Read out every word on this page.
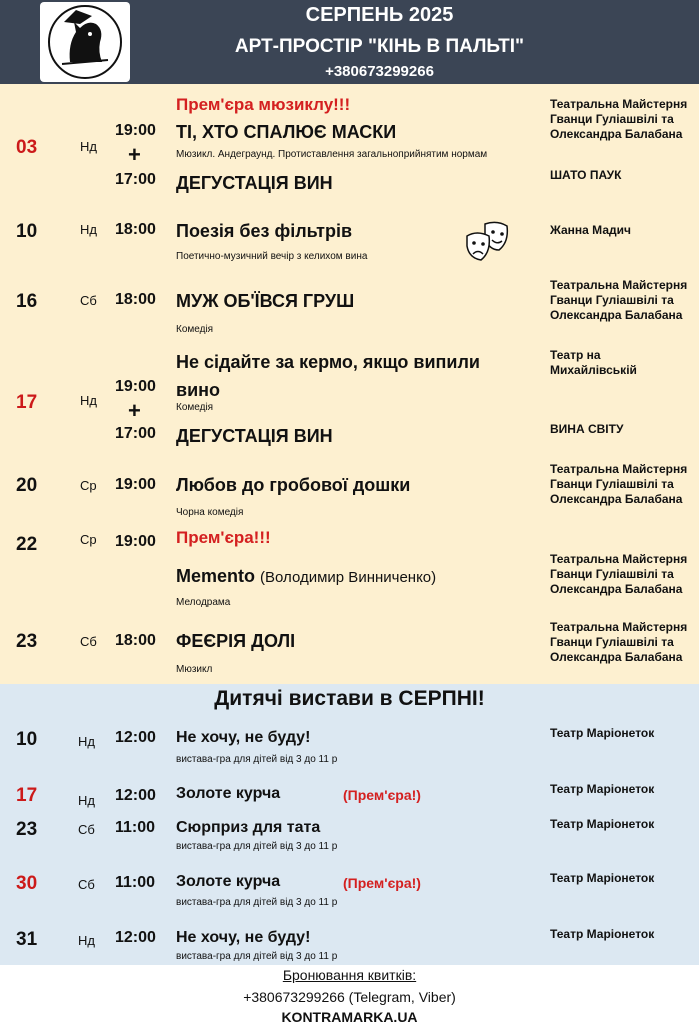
СЕРПЕНЬ 2025
АРТ-ПРОСТІР "КІНЬ В ПАЛЬТІ"
+380673299266
Прем'єра мюзиклу!!!
03	Нд
19:00
+
17:00
ТІ, ХТО СПАЛЮЄ МАСКИ
Мюзикл. Андеграунд. Протиставлення загальноприйнятим нормам
ДЕГУСТАЦІЯ ВИН
Театральна Майстерня
Гванци Гуліашвілі та
Олександра Балабана
ШАТО ПАУК
10	Нд 18:00 Поезія без фільтрів
Поетично-музичний вечір з келихом вина
Жанна Мадич
16	Сб 18:00 МУЖ ОБ'ЇВСЯ ГРУШ
Комедія
Театральна Майстерня
Гванци Гуліашвілі та
Олександра Балабана
17	Нд
19:00
+
17:00
Не сідайте за кермо, якщо випили
вино
Комедія
ДЕГУСТАЦІЯ ВИН
Театр на
Михайлівській
ВИНА СВІТУ
20	Ср 19:00 Любов до гробової дошки
Чорна комедія
Театральна Майстерня
Гванци Гуліашвілі та
Олександра Балабана
22	Ср 19:00 Прем'єра!!!
Memento (Володимир Винниченко)
Мелодрама
Театральна Майстерня
Гванци Гуліашвілі та
Олександра Балабана
23	Сб 18:00 ФЕЄРІЯ ДОЛІ
Мюзикл
Театральна Майстерня
Гванци Гуліашвілі та
Олександра Балабана
Дитячі вистави в СЕРПНІ!
10	Нд 12:00 Не хочу, не буду!
вистава-гра для дітей від 3 до 11 р
Театр Маріонеток
17	Нд 12:00 Золоте курча	(Прем'єра!)	Театр Маріонеток
23	Сб 11:00 Сюрприз для тата
вистава-гра для дітей від 3 до 11 р
Театр Маріонеток
30	Сб 11:00 Золоте курча	(Прем'єра!)
вистава-гра для дітей від 3 до 11 р
Театр Маріонеток
31	Нд 12:00 Не хочу, не буду!
вистава-гра для дітей від 3 до 11 р
Театр Маріонеток
Бронювання квитків:
+380673299266 (Telegram, Viber)
KONTRAMARKA.UA
